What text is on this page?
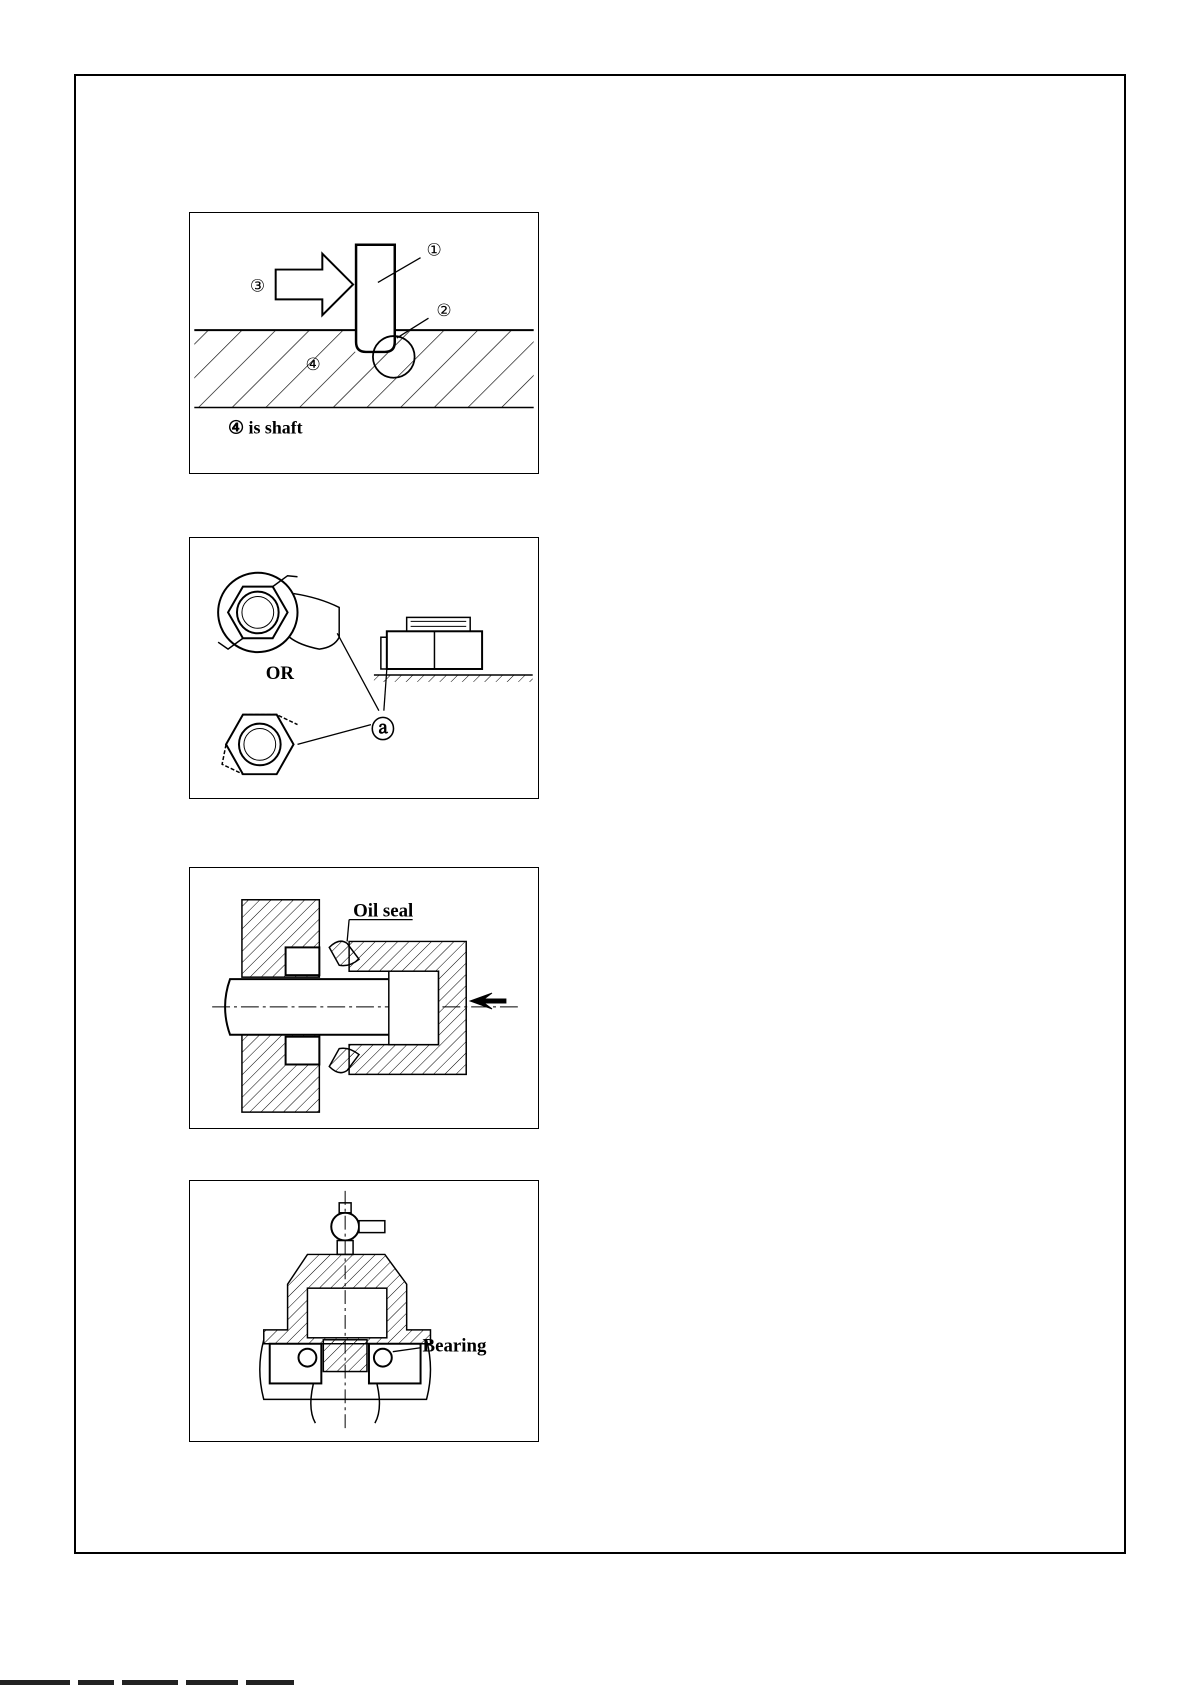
①
②
③
④
④ is shaft
OR
ⓐ
Oil seal
Bearing
